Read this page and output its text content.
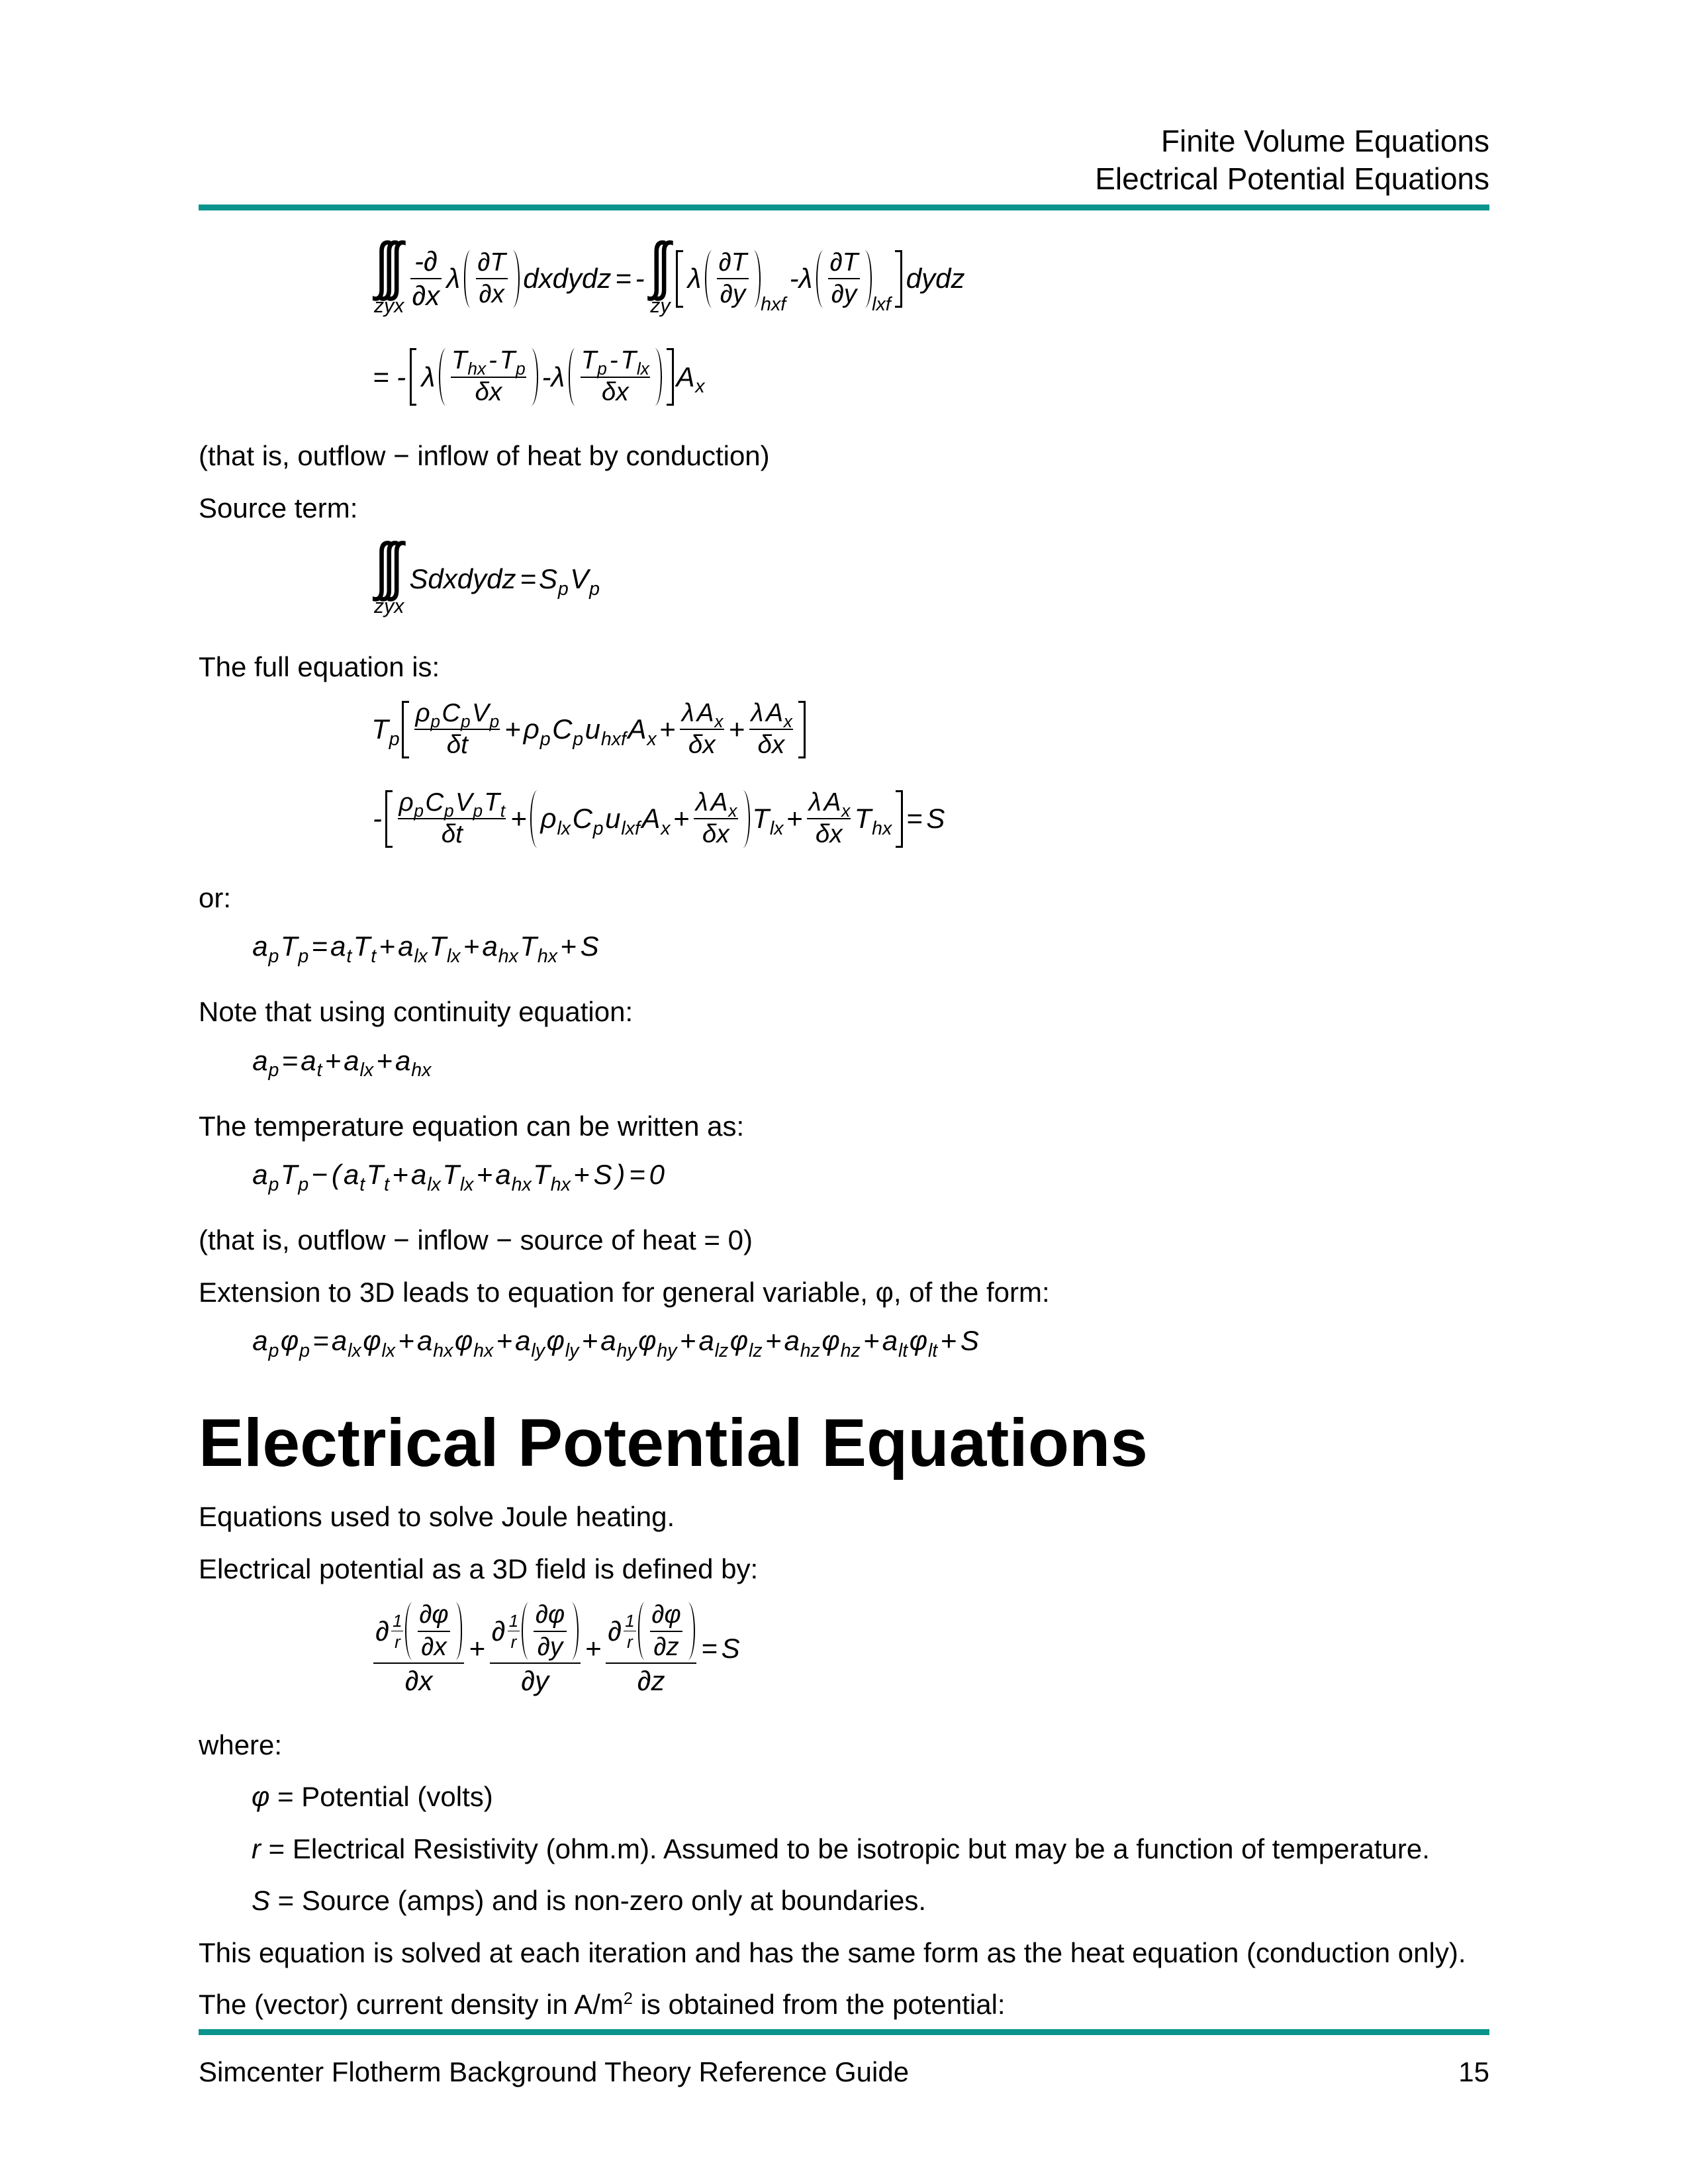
Finite Volume Equations
Electrical Potential Equations
∫∫∫
zyx $\frac{-\partial}{\partial x}$ λ $\frac{\partial T}{\partial x}$ dxdydz = - ∫∫
zy
λ $\frac{\partial T}{\partial y}$ hxf
$-\lambda \frac{\partial T}{\partial y}$ lxf
dydz
= - λ $\frac{T_{hx} - T_p}{\delta x} -\lambda \frac{T_p - T_{lx}}{\delta x} A_x$

(that is, outflow − inflow of heat by conduction)

Source term:

∫∫∫
zyx
Sdxdydz = $S_p$ $V_p$

The full equation is:

$T_p \frac{\rho_p C_p V_p}{\delta t} + \rho_p$ $C_p$ $u_{hxf}$ $A_x + \frac{\lambda A_x}{\delta x} + \frac{\lambda A_x}{\delta x}$
- $\frac{\rho_p C_p V_p T_t}{\delta t} + \rho_{lx}$ $C_p$ $u_{lxf}$ $A_x + \frac{\lambda A_x}{\delta x} T_{lx} + \frac{\lambda A_x}{\delta x} T_{hx} = S$

or:

$a_p$ $T_p = a_t$ $T_t + a_{lx}$ $T_{lx} + a_{hx}$ $T_{hx} + S$

Note that using continuity equation:

$a_p = a_t + a_{lx} + a_{hx}$

The temperature equation can be written as:

$a_p$ $T_p$ − ( $a_t$ $T_t + a_{lx}$ $T_{lx} + a_{hx}$ $T_{hx} + S$ ) = 0

(that is, outflow − inflow − source of heat = 0)

Extension to 3D leads to equation for general variable, φ, of the form:

$a_p$ $\varphi_p = a_{lx}$ $\varphi_{lx} + a_{hx}$ $\varphi_{hx} + a_{ly}$ $\varphi_{ly} + a_{hy}$ $\varphi_{hy} + a_{lz}$ $\varphi_{lz} + a_{hz}$ $\varphi_{hz} + a_{lt}$ $\varphi_{lt} + S$
Electrical Potential Equations

Equations used to solve Joule heating.

Electrical potential as a 3D field is defined by:

$\frac{\partial \frac{1}{r} \frac{\partial\varphi}{\partial x}}{\partial x} + \frac{\partial \frac{1}{r} \frac{\partial\varphi}{\partial y}}{\partial y} + \frac{\partial \frac{1}{r} \frac{\partial\varphi}{\partial z}}{\partial z} = S$

where:

φ = Potential (volts)

r = Electrical Resistivity (ohm.m). Assumed to be isotropic but may be a function of temperature.

S = Source (amps) and is non-zero only at boundaries.

This equation is solved at each iteration and has the same form as the heat equation (conduction only).

The (vector) current density in $A/m^2$ is obtained from the potential:

Simcenter Flotherm Background Theory Reference Guide	15
